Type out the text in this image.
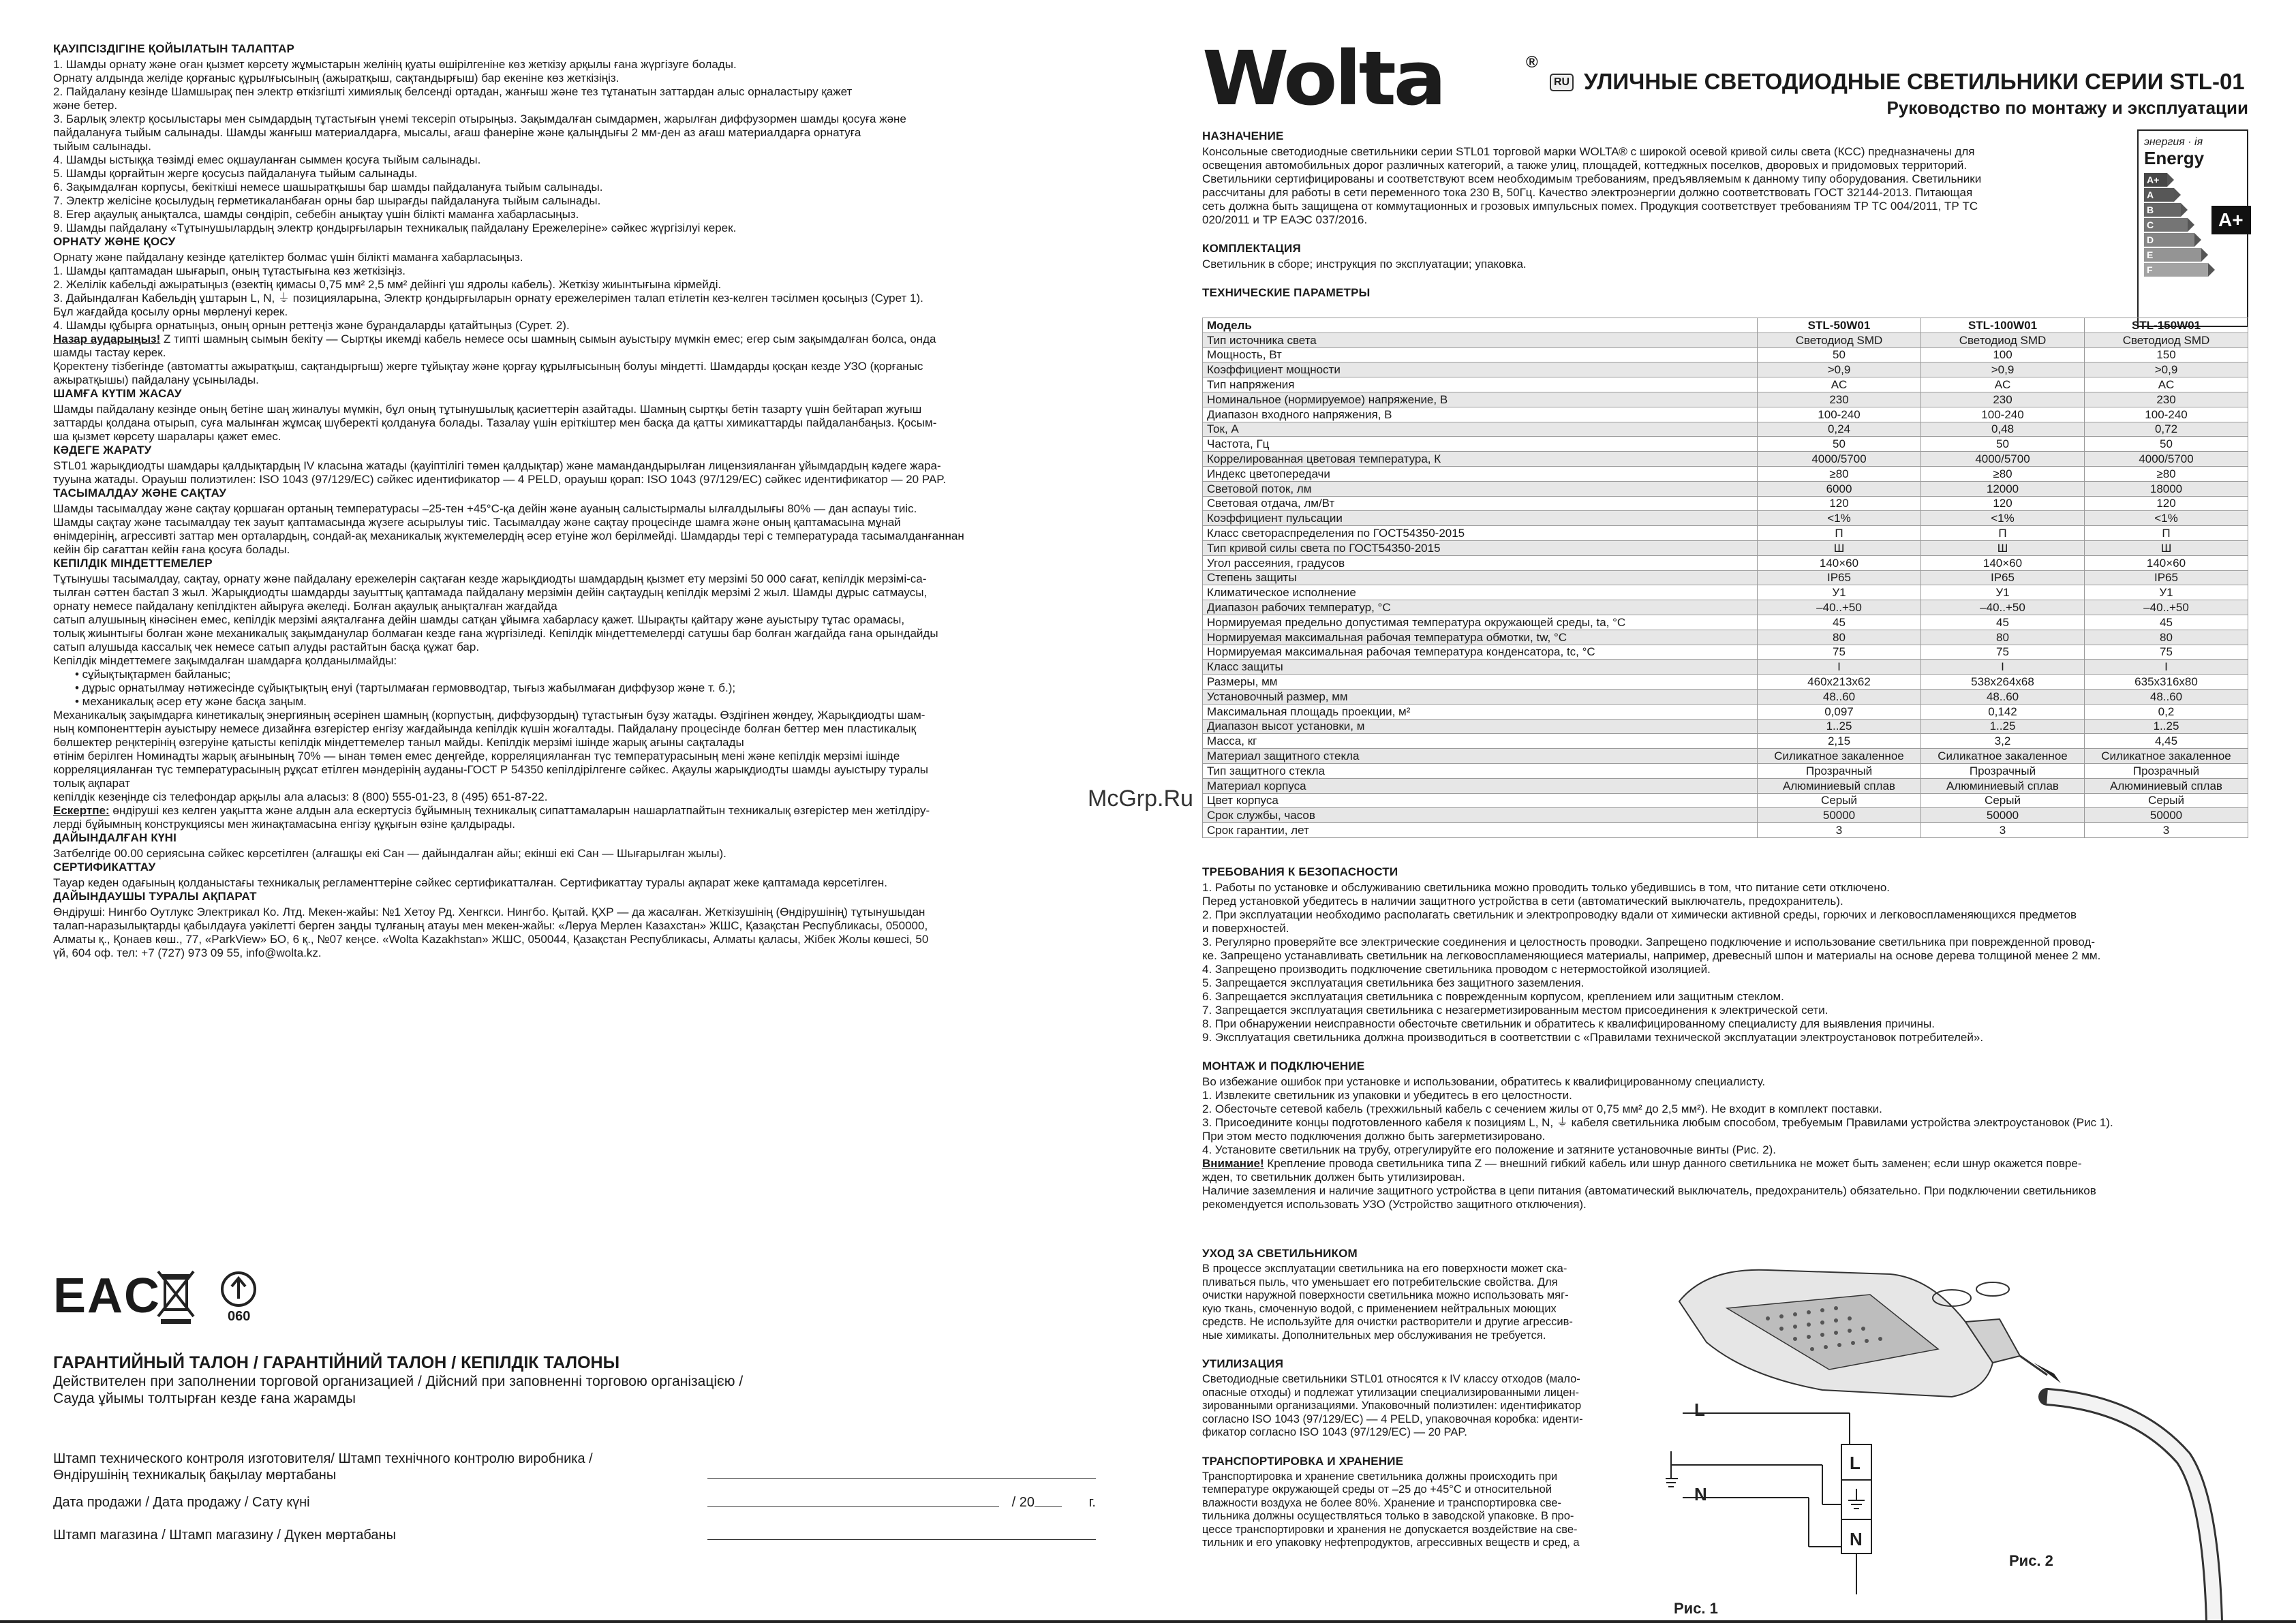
ҚАУІПСІЗДІГІНЕ ҚОЙЫЛАТЫН ТАЛАПТАР

1. Шамды орнату және оған қызмет көрсету жұмыстарын желінің қуаты өшірілгеніне көз жеткізу арқылы ғана жүргізуге болады.

Орнату алдында желіде қорғаныс құрылғысының (ажыратқыш, сақтандырғыш) бар екеніне көз жеткізіңіз.

2. Пайдалану кезінде Шамшырақ пен электр өткізгішті химиялық белсенді ортадан, жанғыш және тез тұтанатын заттардан алыс орналастыру қажет

және бетер.

3. Барлық электр қосылыстары мен сымдардың тұтастығын үнемі тексеріп отырыңыз. Зақымдалған сымдармен, жарылған диффузормен шамды қосуға және

пайдалануға тыйым салынады. Шамды жанғыш материалдарға, мысалы, ағаш фанеріне және қалыңдығы 2 мм-ден аз ағаш материалдарға орнатуға

тыйым салынады.

4. Шамды ыстыққа төзімді емес оқшауланған сыммен қосуға тыйым салынады.

5. Шамды қорғайтын жерге қосусыз пайдалануға тыйым салынады.

6. Зақымдалған корпусы, бекіткіші немесе шашыратқышы бар шамды пайдалануға тыйым салынады.

7. Электр желісіне қосылудың герметикаланбаған орны бар шырағды пайдалануға тыйым салынады.

8. Егер ақаулық анықталса, шамды сөндіріп, себебін анықтау үшін білікті маманға хабарласыңыз.

9. Шамды пайдалану «Тұтынушылардың электр қондырғыларын техникалық пайдалану Ережелеріне» сәйкес жүргізілуі керек.

ОРНАТУ ЖӘНЕ ҚОСУ

Орнату және пайдалану кезінде қателіктер болмас үшін білікті маманға хабарласыңыз.

1. Шамды қаптамадан шығарып, оның тұтастығына көз жеткізіңіз.

2. Желілік кабельді ажыратыңыз (өзектің қимасы 0,75 мм² 2,5 мм² дейінгі үш ядролы кабель). Жеткізу жиынтығына кірмейді.

3. Дайындалған Кабельдің ұштарын L, N, ⏚ позицияларына, Электр қондырғыларын орнату ережелерімен талап етілетін кез-келген тәсілмен қосыңыз (Сурет 1).

Бұл жағдайда қосылу орны мөрленуі керек.

4. Шамды құбырға орнатыңыз, оның орнын реттеңіз және бұрандаларды қатайтыңыз (Сурет. 2).

Назар аударыңыз! Z типті шамның сымын бекіту — Сыртқы икемді кабель немесе осы шамның сымын ауыстыру мүмкін емес; егер сым зақымдалған болса, онда

шамды тастау керек.

Қоректену тізбегінде (автоматты ажыратқыш, сақтандырғыш) жерге тұйықтау және қорғау құрылғысының болуы міндетті. Шамдарды қосқан кезде УЗО (қорғаныс

ажыратқышы) пайдалану ұсынылады.

ШАМҒА КҮТІМ ЖАСАУ

Шамды пайдалану кезінде оның бетіне шаң жиналуы мүмкін, бұл оның тұтынушылық қасиеттерін азайтады. Шамның сыртқы бетін тазарту үшін бейтарап жуғыш

заттарды қолдана отырып, суға малынған жұмсақ шүберекті қолдануға болады. Тазалау үшін еріткіштер мен басқа да қатты химикаттарды пайдаланбаңыз. Қосым-

ша қызмет көрсету шаралары қажет емес.

КӘДЕГЕ ЖАРАТУ

STL01 жарықдиодты шамдары қалдықтардың IV класына жатады (қауіптілігі төмен қалдықтар) және мамандандырылған лицензияланған ұйымдардың кәдеге жара-

тууына жатады. Орауыш полиэтилен: ISO 1043 (97/129/EC) сәйкес идентификатор — 4 PELD, орауыш қорап: ISO 1043 (97/129/EC) сәйкес идентификатор — 20 PAP.

ТАСЫМАЛДАУ ЖӘНЕ САҚТАУ

Шамды тасымалдау және сақтау қоршаған ортаның температурасы –25-тен +45°C-қа дейін және ауаның салыстырмалы ылғалдылығы 80% — дан аспауы тиіс.

Шамды сақтау және тасымалдау тек зауыт қаптамасында жүзеге асырылуы тиіс. Тасымалдау және сақтау процесінде шамға және оның қаптамасына мұнай

өнімдерінің, агрессивті заттар мен орталардың, сондай-ақ механикалық жүктемелердің әсер етуіне жол берілмейді. Шамдарды тері с температурада тасымалданғаннан

кейін бір сағаттан кейін ғана қосуға болады.

КЕПІЛДІК МІНДЕТТЕМЕЛЕР

Тұтынушы тасымалдау, сақтау, орнату және пайдалану ережелерін сақтаған кезде жарықдиодты шамдардың қызмет ету мерзімі 50 000 сағат, кепілдік мерзімі-са-

тылған сәттен бастап 3 жыл. Жарықдиодты шамдарды зауыттық қаптамада пайдалану мерзімін дейін сақтаудың кепілдік мерзімі 2 жыл. Шамды дұрыс сатмаусы,

орнату немесе пайдалану кепілдіктен айыруға әкеледі. Болған ақаулық анықталған жағдайда

сатып алушының кінәсінен емес, кепілдік мерзімі аяқталғанға дейін шамды сатқан ұйымға хабарласу қажет. Шырақты қайтару және ауыстыру тұтас орамасы,

толық жиынтығы болған және механикалық зақымданулар болмаған кезде ғана жүргізіледі. Кепілдік міндеттемелерді сатушы бар болған жағдайда ғана орындайды

сатып алушыда кассалық чек немесе сатып алуды растайтын басқа құжат бар.

Кепілдік міндеттемеге зақымдалған шамдарға қолданылмайды:

• сұйықтықтармен байланыс;

• дұрыс орнатылмау нәтижесінде сұйықтықтың енуі (тартылмаған гермовводтар, тығыз жабылмаған диффузор және т. б.);

• механикалық әсер ету және басқа заңым.

Механикалық зақымдарға кинетикалық энергияның әсерінен шамның (корпустың, диффузордың) тұтастығын бұзу жатады. Өздігінен жөндеу, Жарықдиодты шам-

ның компоненттерін ауыстыру немесе дизайнға өзгерістер енгізу жағдайында кепілдік күшін жоғалтады. Пайдалану процесінде болған беттер мен пластикалық

бөлшектер реңктерінің өзгеруіне қатысты кепілдік міндеттемелер таныл майды. Кепілдік мерзімі ішінде жарық ағыны сақталады

өтінім берілген Номинадты жарық ағынының 70% — ынан төмен емес деңгейде, корреляцияланған түс температурасының мені және кепілдік мерзімі ішінде

корреляцияланған түс температураcының рұқсат етілген мәндерінің ауданы-ГОСТ Р 54350 кепілдірілгенге сәйкес. Ақаулы жарықдиодты шамды ауыстыру туралы

толық ақпарат

кепілдік кезеңінде сіз телефондар арқылы ала аласыз: 8 (800) 555-01-23, 8 (495) 651-87-22.

Ескертпе: өндіруші кез келген уақытта және алдын ала ескертусіз бұйымның техникалық сипаттамаларын нашарлатпайтын техникалық өзгерістер мен жетілдіру-

лерді бұйымның конструкциясы мен жинақтамасына енгізу құқығын өзіне қалдырады.

ДАЙЫНДАЛҒАН КҮНІ

Затбелгіде 00.00 сериясына сәйкес көрсетілген (алғашқы екі Сан — дайындалған айы; екінші екі Сан — Шығарылған жылы).

СЕРТИФИКАТТАУ

Тауар кеден одағының қолданыстағы техникалық регламенттеріне сәйкес сертификатталған. Сертификаттау туралы ақпарат жеке қаптамада көрсетілген.

ДАЙЫНДАУШЫ ТУРАЛЫ АҚПАРАТ

Өндіруші: Нингбо Оутлукс Электрикал Ко. Лтд. Мекен-жайы: №1 Хетоу Рд. Хенгкси. Нингбо. Қытай. ҚХР — да жасалған. Жеткізушінің (Өндірушінің) тұтынушыдан

талап-наразылықтарды қабылдауға уәкілетті берген заңды тұлғаның атауы мен мекен-жайы: «Леруа Мерлен Казахстан» ЖШС, Қазақстан Республикасы, 050000,

Алматы қ., Қонаев көш., 77, «ParkView» БО, 6 қ., №07 кеңсе. «Wolta Kazakhstan» ЖШС, 050044, Қазақстан Республикасы, Алматы қаласы, Жібек Жолы көшесі, 50

үй, 604 оф. тел: +7 (727) 973 09 55, info@wolta.kz.

EAC	060
ГАРАНТИЙНЫЙ ТАЛОН / ГАРАНТІЙНИЙ ТАЛОН / КЕПІЛДІК ТАЛОНЫ
Действителен при заполнении торговой организацией / Дійсний при заповненні торговою організацією /
Сауда ұйымы толтырған кезде ғана жарамды
Штамп технического контроля изготовителя/ Штамп технічного контролю виробника /
Өндірушінің техникалық бақылау мөртабаны
Дата продажи / Дата продажу / Сату күні	/ 20	г.
Штамп магазина / Штамп магазину / Дүкен мөртабаны
Wolta	®
RU УЛИЧНЫЕ СВЕТОДИОДНЫЕ СВЕТИЛЬНИКИ СЕРИИ STL-01
Руководство по монтажу и эксплуатации
энергия · ія
Energy
A+
A
B
C
D
E
F
A+
НАЗНАЧЕНИЕ

Консольные светодиодные светильники серии STL01 торговой марки WOLTA® с широкой осевой кривой силы света (КСС) предназначены для

освещения автомобильных дорог различных категорий, а также улиц, площадей, коттеджных поселков, дворовых и придомовых территорий.

Светильники сертифицированы и соответствуют всем необходимым требованиям, предъявляемым к данному типу оборудования. Светильники

рассчитаны для работы в сети переменного тока 230 В, 50Гц. Качество электроэнергии должно соответствовать ГОСТ 32144-2013. Питающая

сеть должна быть защищена от коммутационных и грозовых импульсных помех. Продукция соответствует требованиям ТР ТС 004/2011, ТР ТС

020/2011 и ТР ЕАЭС 037/2016.

КОМПЛЕКТАЦИЯ

Светильник в сборе; инструкция по эксплуатации; упаковка.

ТЕХНИЧЕСКИЕ ПАРАМЕТРЫ
Модель	STL-50W01	STL-100W01	STL-150W01
Тип источника света	Светодиод SMD	Светодиод SMD	Светодиод SMD
Мощность, Вт	50	100	150
Коэффициент мощности	>0,9	>0,9	>0,9
Тип напряжения	AC	AC	AC
Номинальное (нормируемое) напряжение, В	230	230	230
Диапазон входного напряжения, В	100-240	100-240	100-240
Ток, А	0,24	0,48	0,72
Частота, Гц	50	50	50
Коррелированная цветовая температура, К	4000/5700	4000/5700	4000/5700
Индекс цветопередачи	≥80	≥80	≥80
Световой поток, лм	6000	12000	18000
Световая отдача, лм/Вт	120	120	120
Коэффициент пульсации	<1%	<1%	<1%
Класс светораспределения по ГОСТ54350-2015	П	П	П
Тип кривой силы света по ГОСТ54350-2015	Ш	Ш	Ш
Угол рассеяния, градусов	140×60	140×60	140×60
Степень защиты	IP65	IP65	IP65
Климатическое исполнение	У1	У1	У1
Диапазон рабочих температур, °С	–40..+50	–40..+50	–40..+50
Нормируемая предельно допустимая температура окружающей среды, ta, °С	45	45	45
Нормируемая максимальная рабочая температура обмотки, tw, °С	80	80	80
Нормируемая максимальная рабочая температура конденсатора, tc, °С	75	75	75
Класс защиты	I	I	I
Размеры, мм	460x213x62	538x264x68	635x316x80
Установочный размер, мм	48..60	48..60	48..60
Максимальная площадь проекции, м²	0,097	0,142	0,2
Диапазон высот установки, м	1..25	1..25	1..25
Масса, кг	2,15	3,2	4,45
Материал защитного стекла	Силикатное закаленное	Силикатное закаленное	Силикатное закаленное
Тип защитного стекла	Прозрачный	Прозрачный	Прозрачный
Материал корпуса	Алюминиевый сплав	Алюминиевый сплав	Алюминиевый сплав
Цвет корпуса	Серый	Серый	Серый
Срок службы, часов	50000	50000	50000
Срок гарантии, лет	3	3	3
ТРЕБОВАНИЯ К БЕЗОПАСНОСТИ

1. Работы по установке и обслуживанию светильника можно проводить только убедившись в том, что питание сети отключено.

Перед установкой убедитесь в наличии защитного устройства в сети (автоматический выключатель, предохранитель).

2. При эксплуатации необходимо располагать светильник и электропроводку вдали от химически активной среды, горючих и легковоспламеняющихся предметов

и поверхностей.

3. Регулярно проверяйте все электрические соединения и целостность проводки. Запрещено подключение и использование светильника при поврежденной провод-

ке. Запрещено устанавливать светильник на легковоспламеняющиеся материалы, например, древесный шпон и материалы на основе дерева толщиной менее 2 мм.

4. Запрещено производить подключение светильника проводом с нетермостойкой изоляцией.

5. Запрещается эксплуатация светильника без защитного заземления.

6. Запрещается эксплуатация светильника с поврежденным корпусом, креплением или защитным стеклом.

7. Запрещается эксплуатация светильника с незагерметизированным местом присоединения к электрической сети.

8. При обнаружении неисправности обесточьте светильник и обратитесь к квалифицированному специалисту для выявления причины.

9. Эксплуатация светильника должна производиться в соответствии с «Правилами технической эксплуатации электроустановок потребителей».

МОНТАЖ И ПОДКЛЮЧЕНИЕ

Во избежание ошибок при установке и использовании, обратитесь к квалифицированному специалисту.

1. Извлеките светильник из упаковки и убедитесь в его целостности.

2. Обесточьте сетевой кабель (трехжильный кабель с сечением жилы от 0,75 мм² до 2,5 мм²). Не входит в комплект поставки.

3. Присоедините концы подготовленного кабеля к позициям L, N, ⏚ кабеля светильника любым способом, требуемым Правилами устройства электроустановок (Рис 1).

При этом место подключения должно быть загерметизировано.

4. Установите светильник на трубу, отрегулируйте его положение и затяните установочные винты (Рис. 2).

Внимание! Крепление провода светильника типа Z — внешний гибкий кабель или шнур данного светильника не может быть заменен; если шнур окажется повре-

жден, то светильник должен быть утилизирован.

Наличие заземления и наличие защитного устройства в цепи питания (автоматический выключатель, предохранитель) обязательно. При подключении светильников

рекомендуется использовать УЗО (Устройство защитного отключения).

УХОД ЗА СВЕТИЛЬНИКОМ

В процессе эксплуатации светильника на его поверхности может ска-

пливаться пыль, что уменьшает его потребительские свойства. Для

очистки наружной поверхности светильника можно использовать мяг-

кую ткань, смоченную водой, с применением нейтральных моющих

средств. Не используйте для очистки растворители и другие агрессив-

ные химикаты. Дополнительных мер обслуживания не требуется.

УТИЛИЗАЦИЯ

Светодиодные светильники STL01 относятся к IV классу отходов (мало-

опасные отходы) и подлежат утилизации специализированными лицен-

зированными организациями. Упаковочный полиэтилен: идентификатор

согласно ISO 1043 (97/129/EC) — 4 PELD, упаковочная коробка: иденти-

фикатор согласно ISO 1043 (97/129/EC) — 20 PAP.

ТРАНСПОРТИРОВКА И ХРАНЕНИЕ

Транспортировка и хранение светильника должны происходить при

температуре окружающей среды от –25 до +45°C и относительной

влажности воздуха не более 80%. Хранение и транспортировка све-

тильника должны осуществляться только в заводской упаковке. В про-

цессе транспортировки и хранения не допускается воздействие на све-

тильник и его упаковку нефтепродуктов, агрессивных веществ и сред, а

L
N
L
N
Рис. 1
Рис. 2
McGrp.Ru
